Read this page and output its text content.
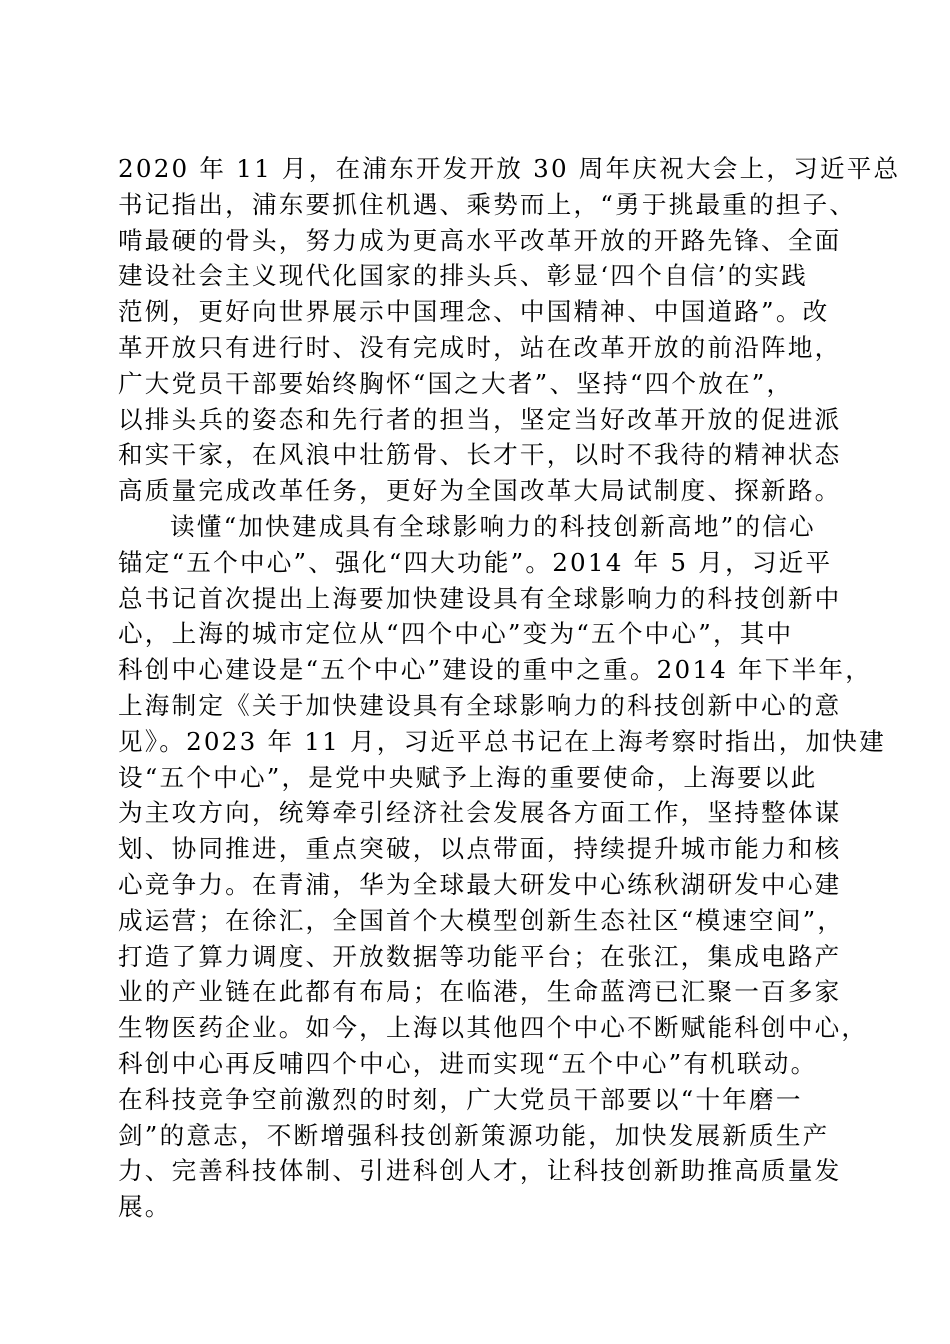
2020 年 11 月，在浦东开发开放 30 周年庆祝大会上，习近平总
书记指出，浦东要抓住机遇、乘势而上，“勇于挑最重的担子、
啃最硬的骨头，努力成为更高水平改革开放的开路先锋、全面
建设社会主义现代化国家的排头兵、彰显‘四个自信’的实践
范例，更好向世界展示中国理念、中国精神、中国道路”。改
革开放只有进行时、没有完成时，站在改革开放的前沿阵地，
广大党员干部要始终胸怀“国之大者”、坚持“四个放在”，
以排头兵的姿态和先行者的担当，坚定当好改革开放的促进派
和实干家，在风浪中壮筋骨、长才干，以时不我待的精神状态
高质量完成改革任务，更好为全国改革大局试制度、探新路。
读懂“加快建成具有全球影响力的科技创新高地”的信心
锚定“五个中心”、强化“四大功能”。2014 年 5 月，习近平
总书记首次提出上海要加快建设具有全球影响力的科技创新中
心，上海的城市定位从“四个中心”变为“五个中心”，其中
科创中心建设是“五个中心”建设的重中之重。2014 年下半年，
上海制定《关于加快建设具有全球影响力的科技创新中心的意
见》。2023 年 11 月，习近平总书记在上海考察时指出，加快建
设“五个中心”，是党中央赋予上海的重要使命，上海要以此
为主攻方向，统筹牵引经济社会发展各方面工作，坚持整体谋
划、协同推进，重点突破，以点带面，持续提升城市能力和核
心竞争力。在青浦，华为全球最大研发中心练秋湖研发中心建
成运营；在徐汇，全国首个大模型创新生态社区“模速空间”，
打造了算力调度、开放数据等功能平台；在张江，集成电路产
业的产业链在此都有布局；在临港，生命蓝湾已汇聚一百多家
生物医药企业。如今，上海以其他四个中心不断赋能科创中心，
科创中心再反哺四个中心，进而实现“五个中心”有机联动。
在科技竞争空前激烈的时刻，广大党员干部要以“十年磨一
剑”的意志，不断增强科技创新策源功能，加快发展新质生产
力、完善科技体制、引进科创人才，让科技创新助推高质量发
展。
